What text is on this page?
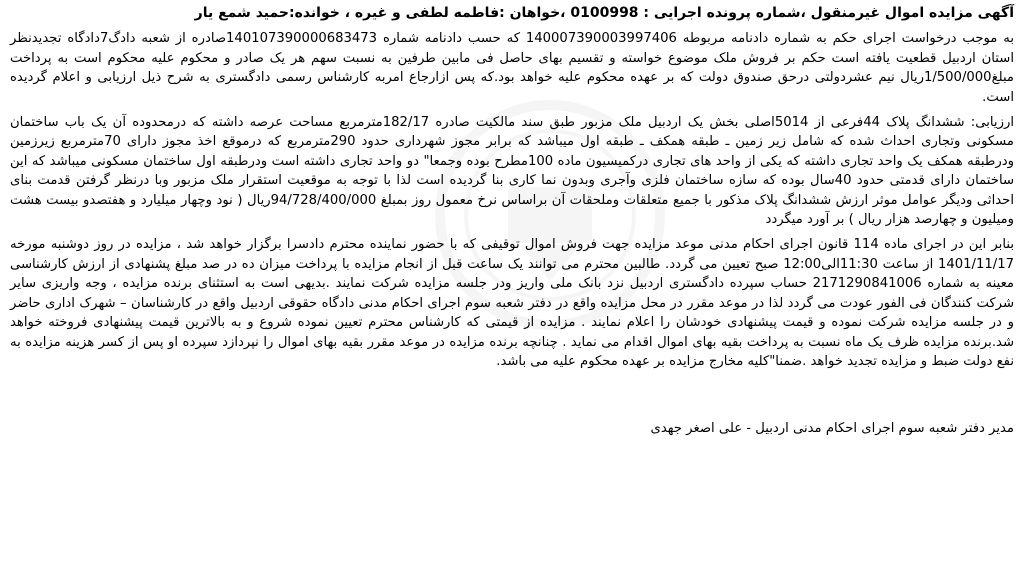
آگهی مزایده اموال غیرمنقول ،شماره پرونده اجرایی : 0100998 ،خواهان :فاطمه لطفی و غیره ، خوانده:حمید شمع یار

به موجب درخواست اجرای حکم به شماره دادنامه مربوطه 140007390003997406 که حسب دادنامه شماره 140107390000683473صادره از شعبه دادگ7دادگاه تجدیدنظر استان اردبیل قطعیت یافته است حکم بر فروش ملک موضوع خواسته و تقسیم بهای حاصل فی مابین طرفین به نسبت سهم هر یک صادر و محکوم علیه محکوم است به پرداخت مبلغ1/500/000ریال نیم عشردولتی درحق صندوق دولت که بر عهده محکوم علیه خواهد بود.که پس ازارجاع امربه کارشناس رسمی دادگستری به شرح ذیل ارزیابی و اعلام گردیده است.

ارزیابی: ششدانگ پلاک 44فرعی از 5014اصلی بخش یک اردبیل ملک مزبور طبق سند مالکیت صادره 182/17مترمربع مساحت عرصه داشته که درمحدوده آن یک باب ساختمان مسکونی وتجاری احداث شده که شامل زیر زمین ـ طبقه همکف ـ طبقه اول میباشد که برابر مجوز شهرداری حدود 290مترمربع که درموقع اخذ مجوز دارای 70مترمربع زیرزمین ودرطبقه همکف یک واحد تجاری داشته که یکی از واحد های تجاری درکمیسیون ماده 100مطرح بوده وجمعا" دو واحد تجاری داشته است ودرطبقه اول ساختمان مسکونی میباشد که این ساختمان دارای قدمتی حدود 40سال بوده که سازه ساختمان فلزی وآجری وبدون نما کاری بنا گردیده است لذا با توجه به موقعیت استقرار ملک مزبور وبا درنظر گرفتن قدمت بنای احداثی ودیگر عوامل موثر ارزش ششدانگ پلاک مذکور با جمیع متعلقات وملحقات آن براساس نرخ معمول روز بمبلغ 94/728/400/000ریال ( نود وچهار میلیارد و هفتصدو بیست هشت ومیلیون و چهارصد هزار ریال ) بر آورد میگردد

بنابر این در اجرای ماده 114 قانون اجرای احکام مدنی موعد مزایده جهت فروش اموال توقیفی که با حضور نماینده محترم دادسرا برگزار خواهد شد ، مزایده در روز دوشنبه مورخه 1401/11/17 از ساعت 11:30الی12:00 صبح تعیین می گردد. طالبین محترم می توانند یک ساعت قبل از انجام مزایده با پرداخت میزان ده در صد مبلغ پشنهادی از ارزش کارشناسی معینه به شماره 2171290841006 حساب سپرده دادگستری اردبیل نزد بانک ملی واریز ودر جلسه مزایده شرکت نمایند .بدیهی است به استثنای برنده مزایده ، وجه واریزی سایر شرکت کنندگان فی الفور عودت می گردد لذا در موعد مقرر در محل مزایده واقع در دفتر شعبه سوم اجرای احکام مدنی دادگاه حقوقی اردبیل واقع در کارشناسان – شهرک اداری حاضر و در جلسه مزایده شرکت نموده و قیمت پیشنهادی خودشان را اعلام نمایند . مزایده از قیمتی که کارشناس محترم تعیین نموده شروع و به بالاترین قیمت پیشنهادی فروخته خواهد شد.برنده مزایده ظرف یک ماه نسبت به پرداخت بقیه بهای اموال اقدام می نماید . چنانچه برنده مزایده در موعد مقرر بقیه بهای اموال را نپردازد سپرده او پس از کسر هزینه مزایده به نفع دولت ضبط و مزایده تجدید خواهد .ضمنا"کلیه مخارج مزایده بر عهده محکوم علیه می باشد.

مدیر دفتر شعبه سوم اجرای احکام مدنی اردبیل - علی اصغر جهدی
